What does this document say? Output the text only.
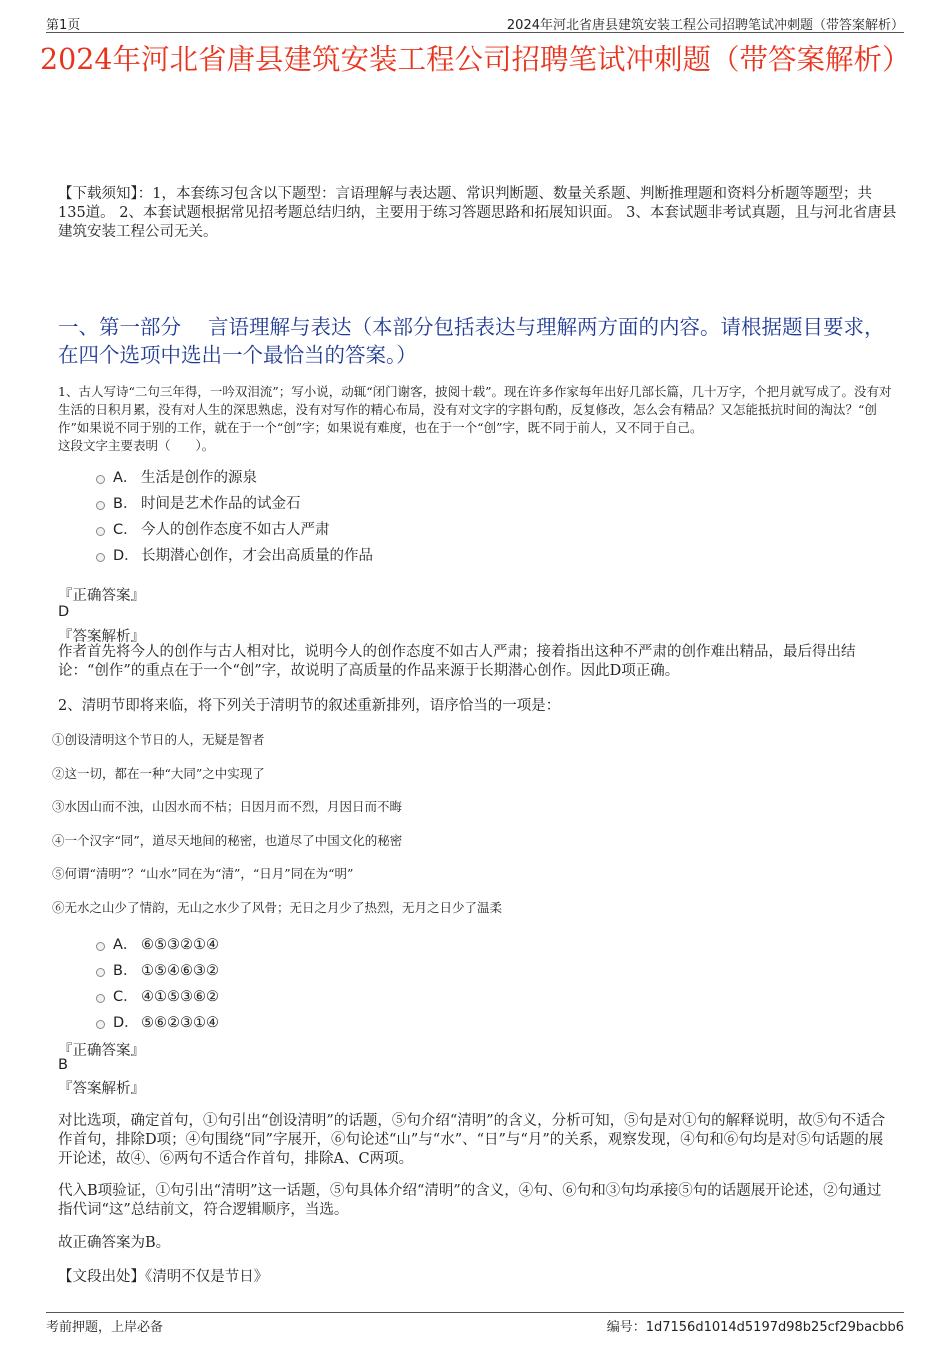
第1页	2024年河北省唐县建筑安装工程公司招聘笔试冲刺题（带答案解析）
2024年河北省唐县建筑安装工程公司招聘笔试冲刺题（带答案解析）
【下载须知】：1，本套练习包含以下题型：言语理解与表达题、常识判断题、数量关系题、判断推理题和资料分析题等题型；共135道。 2、本套试题根据常见招考题总结归纳，主要用于练习答题思路和拓展知识面。 3、本套试题非考试真题，且与河北省唐县建筑安装工程公司无关。
一、第一部分　 言语理解与表达（本部分包括表达与理解两方面的内容。请根据题目要求，在四个选项中选出一个最恰当的答案。）
1、古人写诗“二句三年得，一吟双泪流”；写小说，动辄“闭门谢客，披阅十载”。现在许多作家每年出好几部长篇，几十万字，个把月就写成了。没有对生活的日积月累，没有对人生的深思熟虑，没有对写作的精心布局，没有对文字的字斟句酌，反复修改，怎么会有精品？又怎能抵抗时间的淘汰？“创作”如果说不同于别的工作，就在于一个“创”字；如果说有难度，也在于一个“创”字，既不同于前人，又不同于自己。
这段文字主要表明（　　）。
A． 生活是创作的源泉
B． 时间是艺术作品的试金石
C． 今人的创作态度不如古人严肃
D． 长期潜心创作，才会出高质量的作品
『正确答案』
D
『答案解析』
作者首先将今人的创作与古人相对比，说明今人的创作态度不如古人严肃；接着指出这种不严肃的创作难出精品，最后得出结论：“创作”的重点在于一个“创”字，故说明了高质量的作品来源于长期潜心创作。因此D项正确。
2、清明节即将来临，将下列关于清明节的叙述重新排列，语序恰当的一项是：
①创设清明这个节日的人，无疑是智者
②这一切，都在一种“大同”之中实现了
③水因山而不浊，山因水而不枯；日因月而不烈，月因日而不晦
④一个汉字“同”，道尽天地间的秘密，也道尽了中国文化的秘密
⑤何谓“清明”？“山水”同在为“清”，“日月”同在为“明”
⑥无水之山少了情韵，无山之水少了风骨；无日之月少了热烈，无月之日少了温柔
A． ⑥⑤③②①④
B． ①⑤④⑥③②
C． ④①⑤③⑥②
D． ⑤⑥②③①④
『正确答案』
B
『答案解析』
对比选项，确定首句，①句引出“创设清明”的话题，⑤句介绍“清明”的含义，分析可知，⑤句是对①句的解释说明，故⑤句不适合作首句，排除D项；④句围绕“同”字展开，⑥句论述“山”与“水”、“日”与“月”的关系，观察发现，④句和⑥句均是对⑤句话题的展开论述，故④、⑥两句不适合作首句，排除A、C两项。
代入B项验证，①句引出“清明”这一话题，⑤句具体介绍“清明”的含义，④句、⑥句和③句均承接⑤句的话题展开论述，②句通过指代词“这”总结前文，符合逻辑顺序，当选。
故正确答案为B。
【文段出处】《清明不仅是节日》
考前押题，上岸必备	编号：1d7156d1014d5197d98b25cf29bacbb6
